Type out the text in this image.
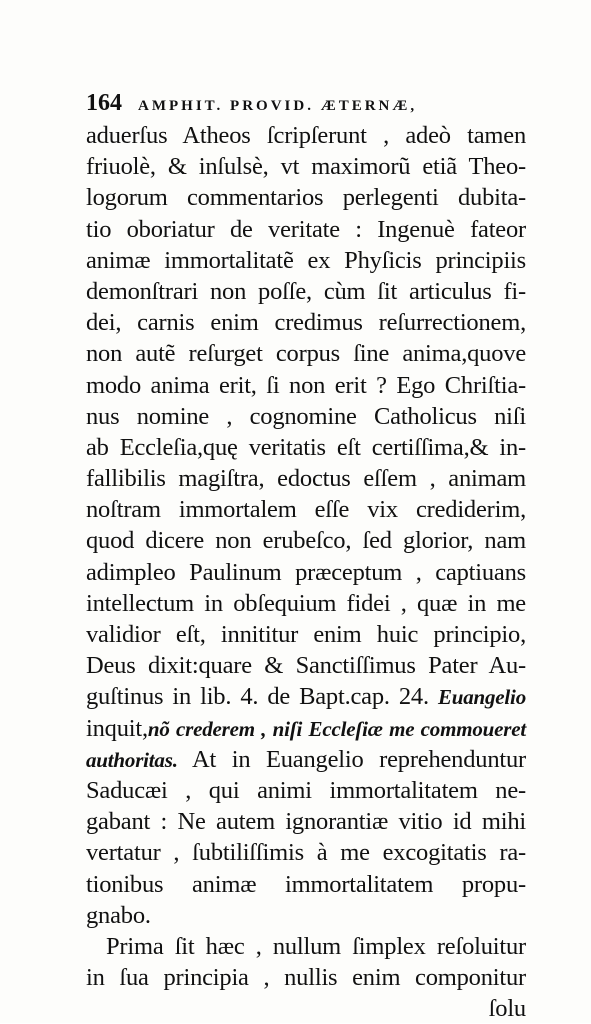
164 AMPHIT. PROVID. ÆTERNÆ,
aduerſus Atheos ſcripſerunt , adeò tamen
friuolè, & inſulsè, vt maximorũ etiã Theo-
logorum commentarios perlegenti dubita-
tio oboriatur de veritate : Ingenuè fateor
animæ immortalitatẽ ex Phyſicis principiis
demonſtrari non poſſe, cùm ſit articulus fi-
dei, carnis enim credimus reſurrectionem,
non autẽ reſurget corpus ſine anima,quove
modo anima erit, ſi non erit ? Ego Chriſtia-
nus nomine , cognomine Catholicus niſi
ab Eccleſia,quę veritatis eſt certiſſima,& in-
fallibilis magiſtra, edoctus eſſem , animam
noſtram immortalem eſſe vix crediderim,
quod dicere non erubeſco, ſed glorior, nam
adimpleo Paulinum præceptum , captiuans
intellectum in obſequium fidei , quæ in me
validior eſt, innititur enim huic principio,
Deus dixit:quare & Sanctiſſimus Pater Au-
guſtinus in lib. 4. de Bapt.cap. 24. Euangelio
inquit,nõ crederem , niſi Eccleſiæ me commoueret
authoritas. At in Euangelio reprehenduntur
Saducæi , qui animi immortalitatem ne-
gabant : Ne autem ignorantiæ vitio id mihi
vertatur , ſubtiliſſimis à me excogitatis ra-
tionibus animæ immortalitatem propu-
gnabo.
Prima ſit hæc , nullum ſimplex reſoluitur
in ſua principia , nullis enim componitur
ſolu
